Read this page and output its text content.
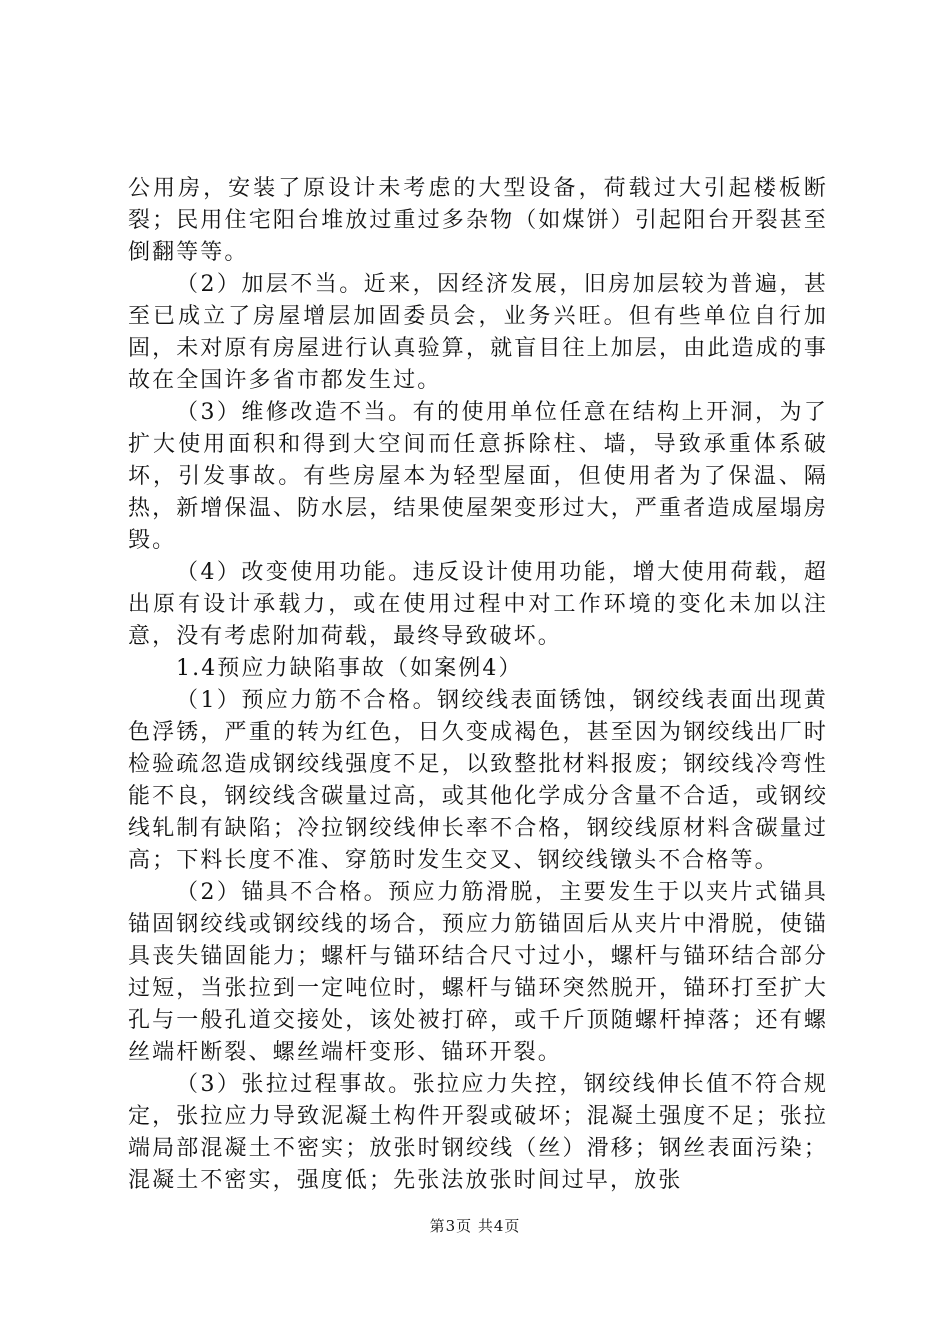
公用房，安装了原设计未考虑的大型设备，荷载过大引起楼板断裂；民用住宅阳台堆放过重过多杂物（如煤饼）引起阳台开裂甚至倒翻等等。

（2）加层不当。近来，因经济发展，旧房加层较为普遍，甚至已成立了房屋增层加固委员会，业务兴旺。但有些单位自行加固，未对原有房屋进行认真验算，就盲目往上加层，由此造成的事故在全国许多省市都发生过。

（3）维修改造不当。有的使用单位任意在结构上开洞，为了扩大使用面积和得到大空间而任意拆除柱、墙，导致承重体系破坏，引发事故。有些房屋本为轻型屋面，但使用者为了保温、隔热，新增保温、防水层，结果使屋架变形过大，严重者造成屋塌房毁。

（4）改变使用功能。违反设计使用功能，增大使用荷载，超出原有设计承载力，或在使用过程中对工作环境的变化未加以注意，没有考虑附加荷载，最终导致破坏。

1.4预应力缺陷事故（如案例4）

（1）预应力筋不合格。钢绞线表面锈蚀，钢绞线表面出现黄色浮锈，严重的转为红色，日久变成褐色，甚至因为钢绞线出厂时检验疏忽造成钢绞线强度不足，以致整批材料报废；钢绞线冷弯性能不良，钢绞线含碳量过高，或其他化学成分含量不合适，或钢绞线轧制有缺陷；冷拉钢绞线伸长率不合格，钢绞线原材料含碳量过高；下料长度不准、穿筋时发生交叉、钢绞线镦头不合格等。

（2）锚具不合格。预应力筋滑脱，主要发生于以夹片式锚具锚固钢绞线或钢绞线的场合，预应力筋锚固后从夹片中滑脱，使锚具丧失锚固能力；螺杆与锚环结合尺寸过小，螺杆与锚环结合部分过短，当张拉到一定吨位时，螺杆与锚环突然脱开，锚环打至扩大孔与一般孔道交接处，该处被打碎，或千斤顶随螺杆掉落；还有螺丝端杆断裂、螺丝端杆变形、锚环开裂。

（3）张拉过程事故。张拉应力失控，钢绞线伸长值不符合规定，张拉应力导致泥凝土构件开裂或破坏；混凝土强度不足；张拉端局部混凝土不密实；放张时钢绞线（丝）滑移；钢丝表面污染；混凝土不密实，强度低；先张法放张时间过早，放张

第3页 共4页
